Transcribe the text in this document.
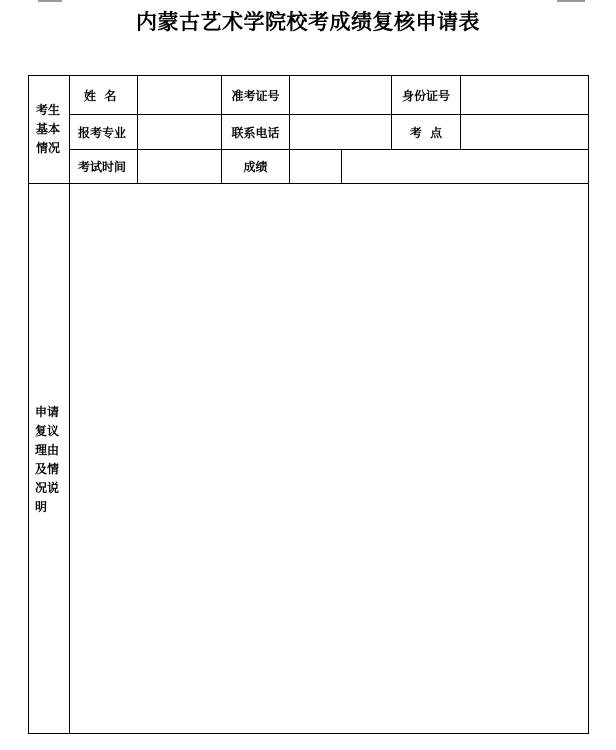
内蒙古艺术学院校考成绩复核申请表
考生
基本
情况
姓  名	准考证号	身份证号
报考专业	联系电话	考  点
考试时间	成绩
申请
复议
理由
及情
况说
明
